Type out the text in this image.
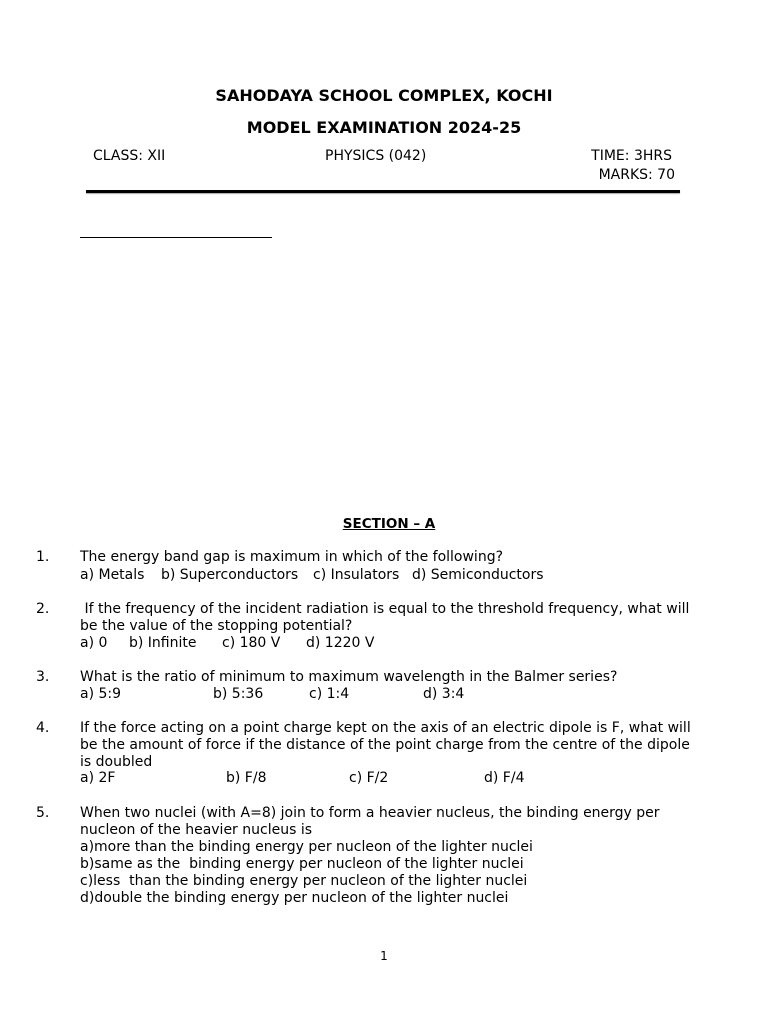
SAHODAYA SCHOOL COMPLEX, KOCHI
MODEL EXAMINATION 2024-25
CLASS: XII	PHYSICS (042)	TIME: 3HRS
MARKS: 70
SECTION – A
1. The energy band gap is maximum in which of the following?
a) Metals b) Superconductors c) Insulators d) Semiconductors
2. If the frequency of the incident radiation is equal to the threshold frequency, what will
be the value of the stopping potential?
a) 0 b) Infinite c) 180 V d) 1220 V
3. What is the ratio of minimum to maximum wavelength in the Balmer series?
a) 5:9	b) 5:36	c) 1:4	d) 3:4
4. If the force acting on a point charge kept on the axis of an electric dipole is F, what will
be the amount of force if the distance of the point charge from the centre of the dipole
is doubled
a) 2F	b) F/8	c) F/2	d) F/4
5. When two nuclei (with A=8) join to form a heavier nucleus, the binding energy per
nucleon of the heavier nucleus is
a)more than the binding energy per nucleon of the lighter nuclei
b)same as the  binding energy per nucleon of the lighter nuclei
c)less  than the binding energy per nucleon of the lighter nuclei
d)double the binding energy per nucleon of the lighter nuclei
1
